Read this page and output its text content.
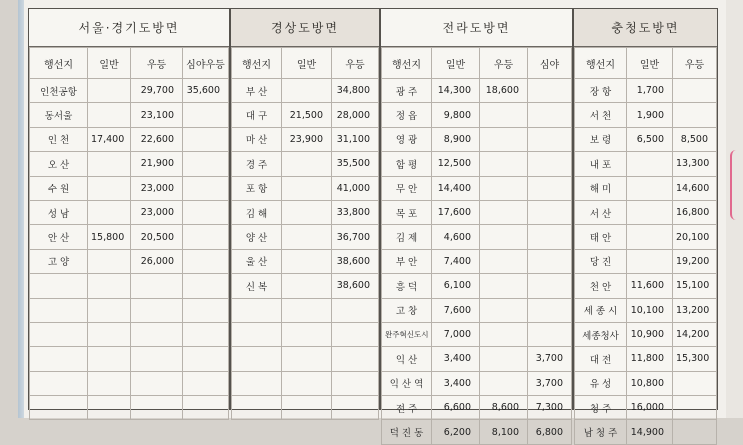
서울·경기도방면
행선지	일반	우등	심야우등
인천공항		29,700	35,600
동서울		23,100	
인 천	17,400	22,600	
오 산		21,900	
수 원		23,000	
성 남		23,000	
안 산	15,800	20,500	
고 양		26,000	

경상도방면
행선지	일반	우등
부 산		34,800
대 구	21,500	28,000
마 산	23,900	31,100
경 주		35,500
포 항		41,000
김 해		33,800
양 산		36,700
울 산		38,600
신 복		38,600

전라도방면
행선지	일반	우등	심야
광 주	14,300	18,600	
정 읍	9,800		
영 광	8,900		
함 평	12,500		
무 안	14,400		
목 포	17,600		
김 제	4,600		
부 안	7,400		
흥 덕	6,100		
고 창	7,600		
완주혁신도시	7,000		
익 산	3,400		3,700
익 산 역	3,400		3,700
전 주	6,600	8,600	7,300
덕 진 동	6,200	8,100	6,800
충청도방면
행선지	일반	우등
장 항	1,700	
서 천	1,900	
보 령	6,500	8,500
내 포		13,300
해 미		14,600
서 산		16,800
태 안		20,100
당 진		19,200
천 안	11,600	15,100
세 종 시	10,100	13,200
세종청사	10,900	14,200
대 전	11,800	15,300
유 성	10,800	
청 주	16,000	
남 청 주	14,900	
